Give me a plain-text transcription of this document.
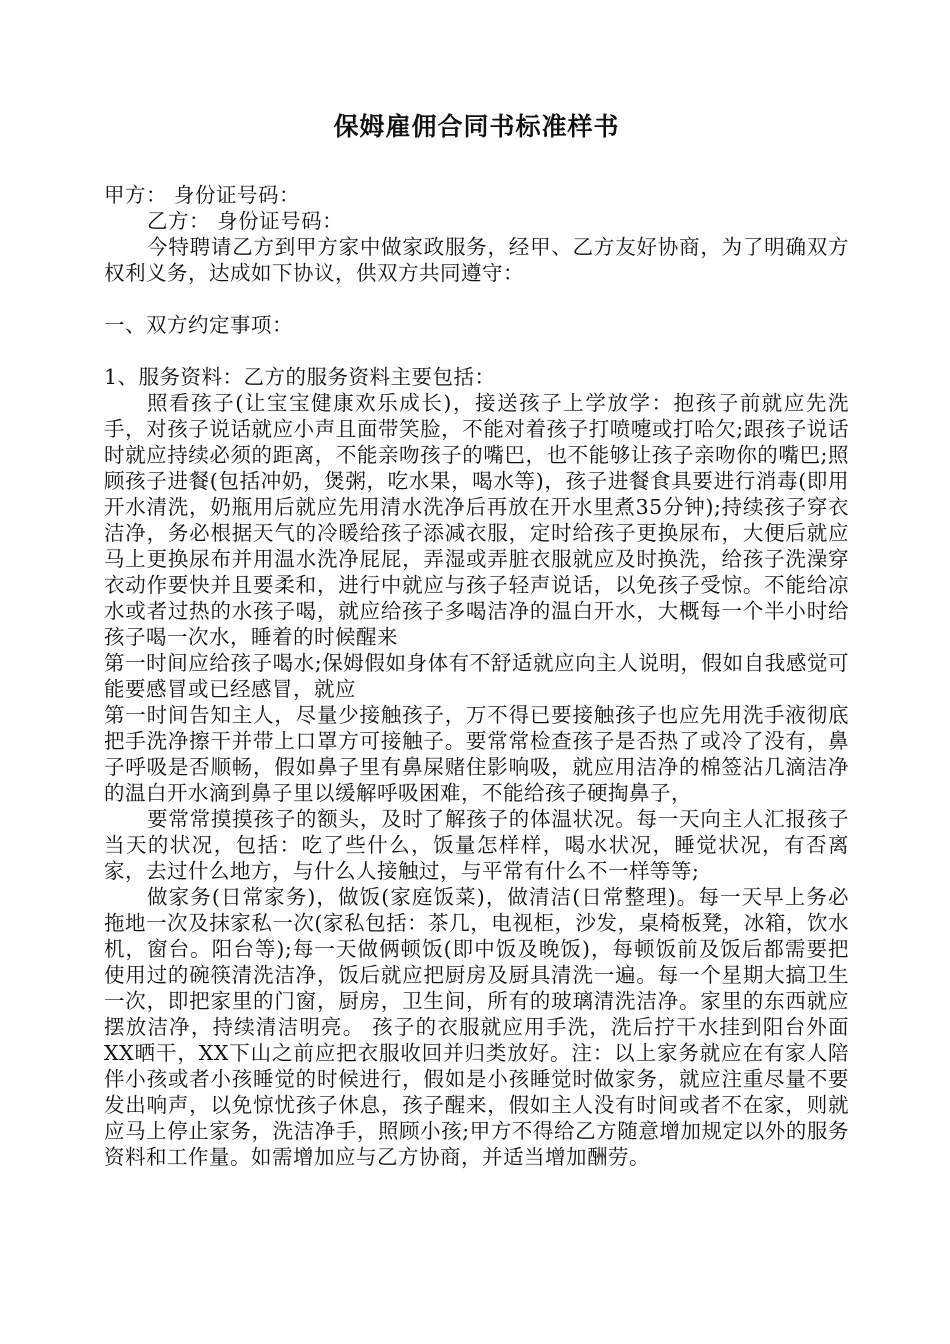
保姆雇佣合同书标准样书

甲方： 身份证号码：

乙方： 身份证号码：

今特聘请乙方到甲方家中做家政服务，经甲、乙方友好协商，为了明确双方权利义务，达成如下协议，供双方共同遵守：

一、双方约定事项：

1、服务资料：乙方的服务资料主要包括：

照看孩子(让宝宝健康欢乐成长)，接送孩子上学放学：抱孩子前就应先洗手，对孩子说话就应小声且面带笑脸，不能对着孩子打喷嚏或打哈欠;跟孩子说话时就应持续必须的距离，不能亲吻孩子的嘴巴，也不能够让孩子亲吻你的嘴巴;照顾孩子进餐(包括冲奶，煲粥，吃水果，喝水等)，孩子进餐食具要进行消毒(即用开水清洗，奶瓶用后就应先用清水洗净后再放在开水里煮35分钟);持续孩子穿衣洁净，务必根据天气的冷暖给孩子添减衣服，定时给孩子更换尿布，大便后就应马上更换尿布并用温水洗净屁屁，弄湿或弄脏衣服就应及时换洗，给孩子洗澡穿衣动作要快并且要柔和，进行中就应与孩子轻声说话，以免孩子受惊。不能给凉水或者过热的水孩子喝，就应给孩子多喝洁净的温白开水，大概每一个半小时给孩子喝一次水，睡着的时候醒来

第一时间应给孩子喝水;保姆假如身体有不舒适就应向主人说明，假如自我感觉可能要感冒或已经感冒，就应

第一时间告知主人，尽量少接触孩子，万不得已要接触孩子也应先用洗手液彻底把手洗净擦干并带上口罩方可接触子。要常常检查孩子是否热了或冷了没有，鼻子呼吸是否顺畅，假如鼻子里有鼻屎赌住影响吸，就应用洁净的棉签沾几滴洁净的温白开水滴到鼻子里以缓解呼吸困难，不能给孩子硬掏鼻子，

要常常摸摸孩子的额头，及时了解孩子的体温状况。每一天向主人汇报孩子当天的状况，包括：吃了些什么，饭量怎样样，喝水状况，睡觉状况，有否离家，去过什么地方，与什么人接触过，与平常有什么不一样等等;

做家务(日常家务)，做饭(家庭饭菜)，做清洁(日常整理)。每一天早上务必拖地一次及抹家私一次(家私包括：茶几，电视柜，沙发，桌椅板凳，冰箱，饮水机，窗台。阳台等);每一天做俩顿饭(即中饭及晚饭)，每顿饭前及饭后都需要把使用过的碗筷清洗洁净，饭后就应把厨房及厨具清洗一遍。每一个星期大搞卫生一次，即把家里的门窗，厨房，卫生间，所有的玻璃清洗洁净。家里的东西就应摆放洁净，持续清洁明亮。 孩子的衣服就应用手洗，洗后拧干水挂到阳台外面XX晒干，XX下山之前应把衣服收回并归类放好。注：以上家务就应在有家人陪伴小孩或者小孩睡觉的时候进行，假如是小孩睡觉时做家务，就应注重尽量不要发出响声，以免惊忧孩子休息，孩子醒来，假如主人没有时间或者不在家，则就应马上停止家务，洗洁净手，照顾小孩;甲方不得给乙方随意增加规定以外的服务资料和工作量。如需增加应与乙方协商，并适当增加酬劳。
